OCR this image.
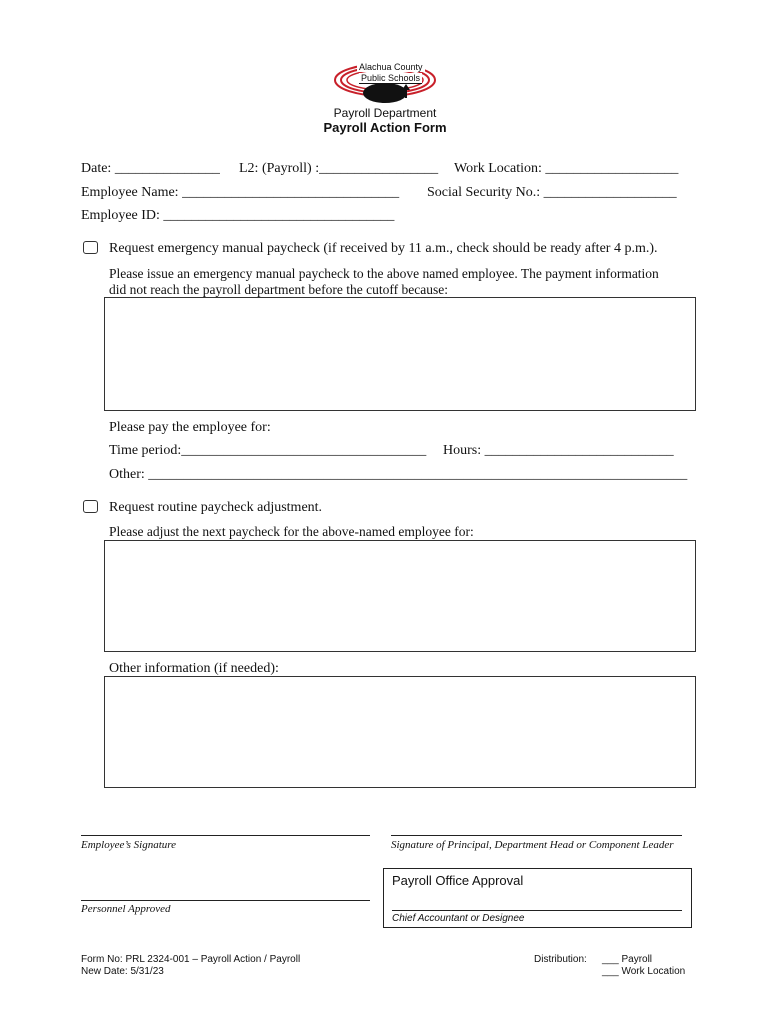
Alachua County
Public Schools
Payroll Department
Payroll Action Form
Date: _______________ L2: (Payroll) :_________________ Work Location: ___________________
Employee Name: _______________________________ Social Security No.: ___________________
Employee ID: _________________________________
Request emergency manual paycheck (if received by 11 a.m., check should be ready after 4 p.m.).
Please issue an emergency manual paycheck to the above named employee. The payment information
did not reach the payroll department before the cutoff because:
Please pay the employee for:
Time period:___________________________________ Hours: ___________________________
Other: _____________________________________________________________________________
Request routine paycheck adjustment.
Please adjust the next paycheck for the above-named employee for:
Other information (if needed):
Employee’s Signature	Signature of Principal, Department Head or Component Leader
Personnel Approved
Payroll Office Approval
Chief Accountant or Designee
Form No: PRL 2324-001 – Payroll Action / Payroll
New Date: 5/31/23
Distribution: ___ Payroll
___ Work Location
